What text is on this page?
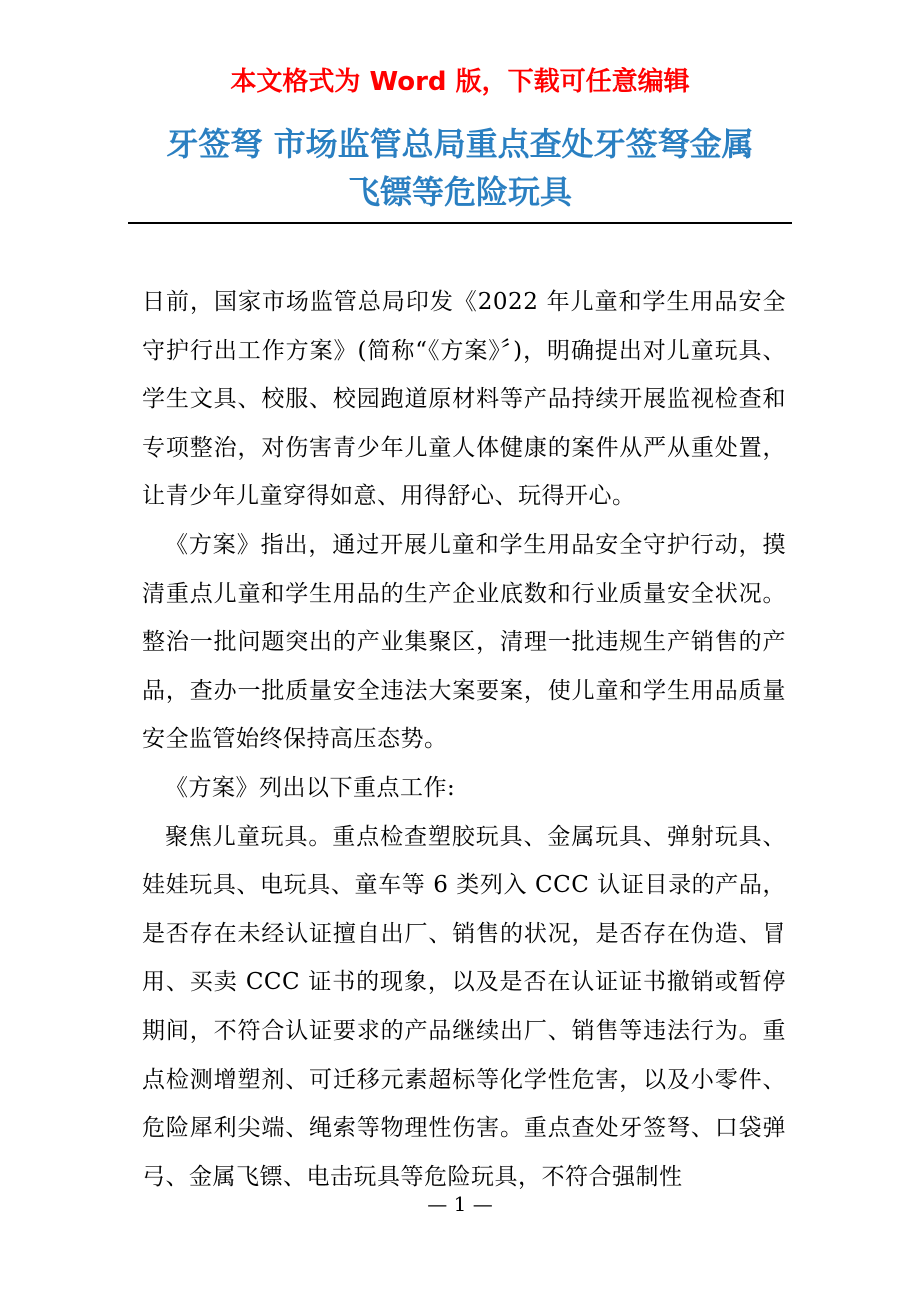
本文格式为 Word 版，下载可任意编辑
牙签弩 市场监管总局重点查处牙签弩金属
飞镖等危险玩具

日前，国家市场监管总局印发《2022 年儿童和学生用品安全守护行出工作方案》(简称“《方案》〞)，明确提出对儿童玩具、学生文具、校服、校园跑道原材料等产品持续开展监视检查和专项整治，对伤害青少年儿童人体健康的案件从严从重处置，让青少年儿童穿得如意、用得舒心、玩得开心。

《方案》指出，通过开展儿童和学生用品安全守护行动，摸清重点儿童和学生用品的生产企业底数和行业质量安全状况。整治一批问题突出的产业集聚区，清理一批违规生产销售的产品，查办一批质量安全违法大案要案，使儿童和学生用品质量安全监管始终保持高压态势。

《方案》列出以下重点工作:

聚焦儿童玩具。重点检查塑胶玩具、金属玩具、弹射玩具、娃娃玩具、电玩具、童车等 6 类列入 CCC 认证目录的产品，是否存在未经认证擅自出厂、销售的状况，是否存在伪造、冒用、买卖 CCC 证书的现象，以及是否在认证证书撤销或暂停期间，不符合认证要求的产品继续出厂、销售等违法行为。重点检测增塑剂、可迁移元素超标等化学性危害，以及小零件、危险犀利尖端、绳索等物理性伤害。重点查处牙签弩、口袋弹弓、金属飞镖、电击玩具等危险玩具，不符合强制性

— 1 —
